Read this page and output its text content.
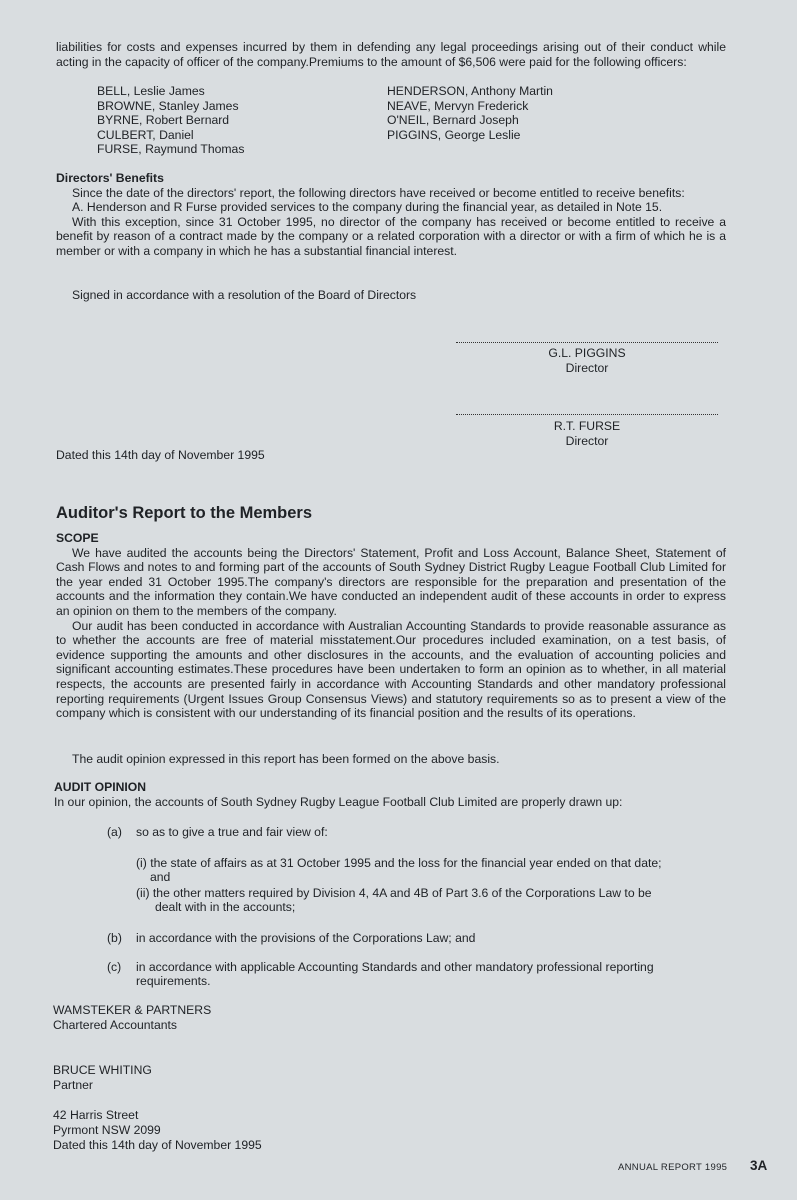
liabilities for costs and expenses incurred by them in defending any legal proceedings arising out of their conduct while acting in the capacity of officer of the company.Premiums to the amount of $6,506 were paid for the following officers:

BELL, Leslie James
BROWNE, Stanley James
BYRNE, Robert Bernard
CULBERT, Daniel
FURSE, Raymund Thomas
HENDERSON, Anthony Martin
NEAVE, Mervyn Frederick
O'NEIL, Bernard Joseph
PIGGINS, George Leslie

Directors' Benefits

Since the date of the directors' report, the following directors have received or become entitled to receive benefits:

A. Henderson and R Furse provided services to the company during the financial year, as detailed in Note 15.

With this exception, since 31 October 1995, no director of the company has received or become entitled to receive a benefit by reason of a contract made by the company or a related corporation with a director or with a firm of which he is a member or with a company in which he has a substantial financial interest.

Signed in accordance with a resolution of the Board of Directors
G.L. PIGGINS
Director
R.T. FURSE
Director
Dated this 14th day of November 1995
Auditor's Report to the Members

SCOPE

We have audited the accounts being the Directors' Statement, Profit and Loss Account, Balance Sheet, Statement of Cash Flows and notes to and forming part of the accounts of South Sydney District Rugby League Football Club Limited for the year ended 31 October 1995.The company's directors are responsible for the preparation and presentation of the accounts and the information they contain.We have conducted an independent audit of these accounts in order to express an opinion on them to the members of the company.

Our audit has been conducted in accordance with Australian Accounting Standards to provide reasonable assurance as to whether the accounts are free of material misstatement.Our procedures included examination, on a test basis, of evidence supporting the amounts and other disclosures in the accounts, and the evaluation of accounting policies and significant accounting estimates.These procedures have been undertaken to form an opinion as to whether, in all material respects, the accounts are presented fairly in accordance with Accounting Standards and other mandatory professional reporting requirements (Urgent Issues Group Consensus Views) and statutory requirements so as to present a view of the company which is consistent with our understanding of its financial position and the results of its operations.

The audit opinion expressed in this report has been formed on the above basis.
AUDIT OPINION
In our opinion, the accounts of South Sydney Rugby League Football Club Limited are properly drawn up:
(a) so as to give a true and fair view of:
(i) the state of affairs as at 31 October 1995 and the loss for the financial year ended on that date;
and
(ii) the other matters required by Division 4, 4A and 4B of Part 3.6 of the Corporations Law to be
dealt with in the accounts;
(b) in accordance with the provisions of the Corporations Law; and
(c) in accordance with applicable Accounting Standards and other mandatory professional reporting
requirements.
WAMSTEKER & PARTNERS
Chartered Accountants
BRUCE WHITING
Partner
42 Harris Street
Pyrmont NSW 2099
Dated this 14th day of November 1995
ANNUAL REPORT 1995 3A
